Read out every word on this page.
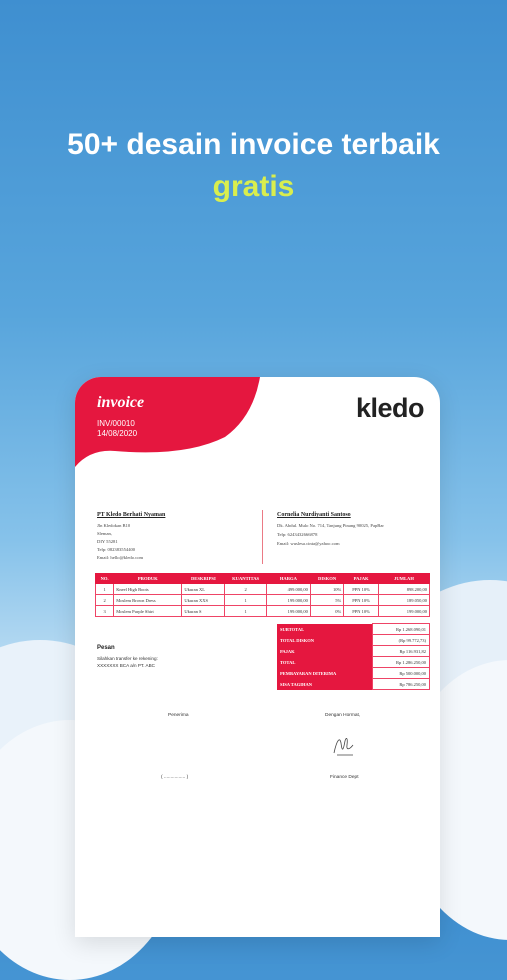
50+ desain invoice terbaik
gratis
invoice
INV/00010
14/08/2020
kledo
PT Kledo Berhati Nyaman
Jln Kledokan B10
Sleman,
DIY 55281
Telp: 082383554400
Email: hello@kledo.com
Cornelia Nurdiyanti Santoso
Dk. Abdul. Mulo No. 714, Tanjung Pinang 90025, PapBar
Telp: 6243432666878
Email: wuslesa.cinta@yahoo.com
NO.	PRODUK	DESKRIPSI	KUANTITAS	HARGA	DISKON	PAJAK	JUMLAH
1	Kneel High Boots	Ukuran XL	2	499.000,00	10%	PPN 10%	898.200,00
2	Moslem Brown Dress	Ukuran XXS	1	199.000,00	5%	PPN 10%	189.050,00
3	Moslem Purple Shirt	Ukuran S	1	199.000,00	0%	PPN 10%	199.000,00
SUBTOTAL	Rp 1.268.090,01
TOTAL DISKON	(Rp 99.772,73)
PAJAK	Rp 116.931,82
TOTAL	Rp 1.286.250,00
PEMBAYARAN DITERIMA	Rp 500.000,00
SISA TAGIHAN	Rp 786.250,00
Pesan
Silahkan transfer ke rekening:
XXXXXXX BCA a/n PT. ABC
Penerima	Dengan Hormat,
( ................ )	Finance Dept
